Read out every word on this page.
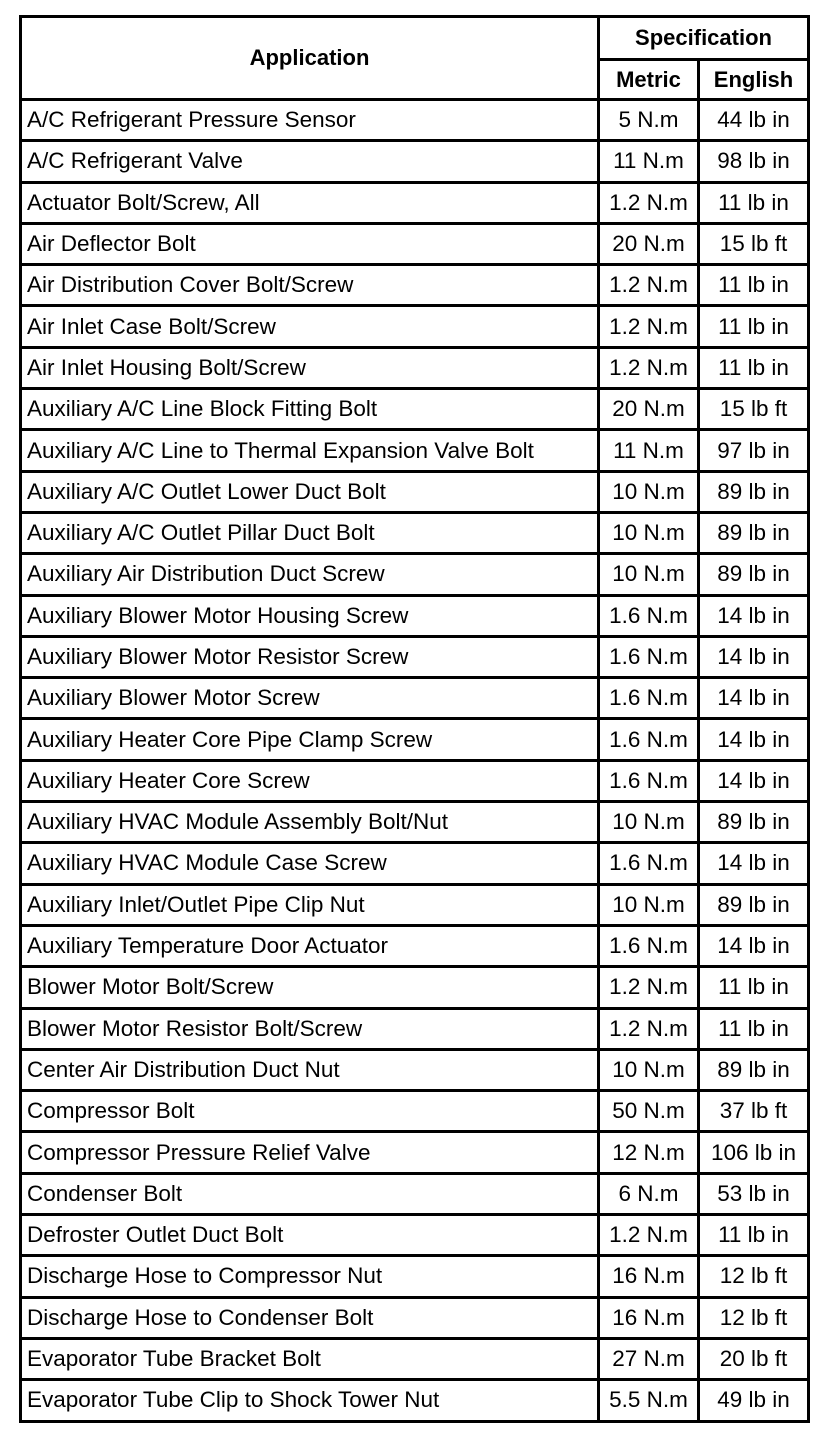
Application	Specification	
	Metric	English
A/C Refrigerant Pressure Sensor	5 N.m	44 lb in
A/C Refrigerant Valve	11 N.m	98 lb in
Actuator Bolt/Screw, All	1.2 N.m	11 lb in
Air Deflector Bolt	20 N.m	15 lb ft
Air Distribution Cover Bolt/Screw	1.2 N.m	11 lb in
Air Inlet Case Bolt/Screw	1.2 N.m	11 lb in
Air Inlet Housing Bolt/Screw	1.2 N.m	11 lb in
Auxiliary A/C Line Block Fitting Bolt	20 N.m	15 lb ft
Auxiliary A/C Line to Thermal Expansion Valve Bolt	11 N.m	97 lb in
Auxiliary A/C Outlet Lower Duct Bolt	10 N.m	89 lb in
Auxiliary A/C Outlet Pillar Duct Bolt	10 N.m	89 lb in
Auxiliary Air Distribution Duct Screw	10 N.m	89 lb in
Auxiliary Blower Motor Housing Screw	1.6 N.m	14 lb in
Auxiliary Blower Motor Resistor Screw	1.6 N.m	14 lb in
Auxiliary Blower Motor Screw	1.6 N.m	14 lb in
Auxiliary Heater Core Pipe Clamp Screw	1.6 N.m	14 lb in
Auxiliary Heater Core Screw	1.6 N.m	14 lb in
Auxiliary HVAC Module Assembly Bolt/Nut	10 N.m	89 lb in
Auxiliary HVAC Module Case Screw	1.6 N.m	14 lb in
Auxiliary Inlet/Outlet Pipe Clip Nut	10 N.m	89 lb in
Auxiliary Temperature Door Actuator	1.6 N.m	14 lb in
Blower Motor Bolt/Screw	1.2 N.m	11 lb in
Blower Motor Resistor Bolt/Screw	1.2 N.m	11 lb in
Center Air Distribution Duct Nut	10 N.m	89 lb in
Compressor Bolt	50 N.m	37 lb ft
Compressor Pressure Relief Valve	12 N.m	106 lb in
Condenser Bolt	6 N.m	53 lb in
Defroster Outlet Duct Bolt	1.2 N.m	11 lb in
Discharge Hose to Compressor Nut	16 N.m	12 lb ft
Discharge Hose to Condenser Bolt	16 N.m	12 lb ft
Evaporator Tube Bracket Bolt	27 N.m	20 lb ft
Evaporator Tube Clip to Shock Tower Nut	5.5 N.m	49 lb in
